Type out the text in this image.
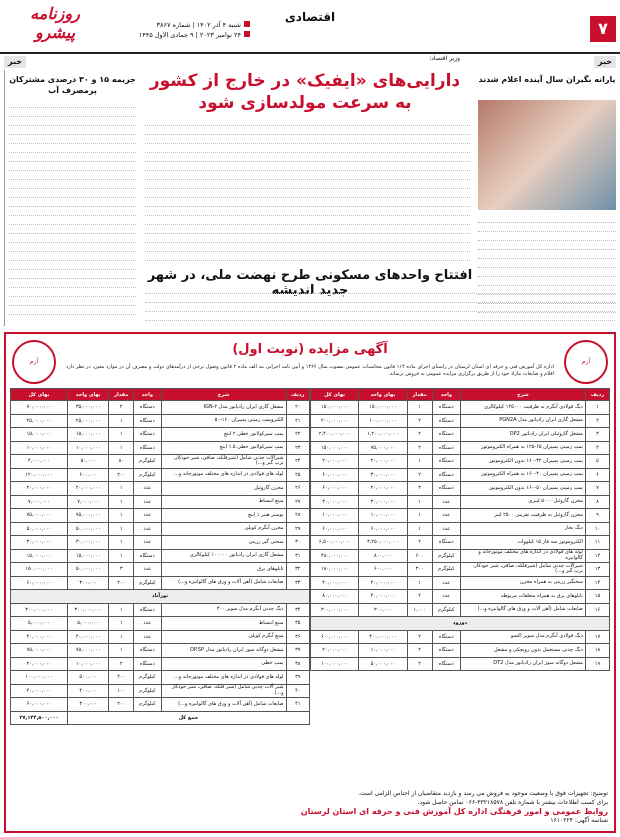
۷
اقتصادی
روزنامه پیشرو	شنبه ۴ آذر ۱۴۰۲ | شماره ۳۸۶۷
۲۴ نوامبر ۲۰۲۳ | ۹ جمادی الاول ۱۴۴۵
خبر
خبر
یارانه بگیران سال آینده اعلام شدند
وزیر اقتصاد:
دارایی‌های «ایفیک» در خارج از کشور
به سرعت مولدسازی شود
جریمه ۱۵ و ۳۰ درصدی مشترکان پرمصرف آب
افتتاح واحدهای مسکونی طرح نهضت ملی، در شهر جدید اندیشه
آرم
آرم
آگهی مزایده (نوبت اول)
اداره کل آموزش فنی و حرفه ای استان لرستان در راستای اجرای ماده ۱۱۴ قانون محاسبات عمومی مصوب سال ۱۳۶۶ و آیین نامه اجرایی بند الف ماده ۲ قانون وصول برخی از درآمدهای دولت و مصرف آن در موارد معین، در نظر دارد اقلام و ضایعات مازاد خود را از طریق برگزاری مزایده عمومی به فروش برساند.
ردیف	شرح	واحد	مقدار	بهای واحد	بهای کل
۱	دیگ فولادی آبگرم به ظرفیت ۱۲۵۰۰۰ کیلوکالری	دستگاه	۱	۱۵۰,۰۰۰,۰۰۰	۱۵۰,۰۰۰,۰۰۰
۲	مشعل گازی ایران رادیاتور مدل PGN2A	دستگاه	۲	۱۰۰,۰۰۰,۰۰۰	۲۰۰,۰۰۰,۰۰۰
۳	مشعل گازوئیلی ایران رادیاتور DP2	دستگاه	۲	۱,۲۰۰,۰۰۰,۰۰۰	۲,۴۰۰,۰۰۰,۰۰۰
۴	پمپ زمینی پمپیران ۶۵-۱۲۵ به همراه الکتروموتور	دستگاه	۲	۷۵,۰۰۰,۰۰۰	۱۵۰,۰۰۰,۰۰۰
۵	پمپ زمینی پمپیران ۳۲-۱۶۰ بدون الکتروموتور	دستگاه	۱	۲۰,۰۰۰,۰۰۰	۲۰,۰۰۰,۰۰۰
۶	پمپ زمینی پمپیران ۴۰-۱۶۰ به همراه الکتروموتور	دستگاه	۲	۳۰,۰۰۰,۰۰۰	۶۰,۰۰۰,۰۰۰
۷	پمپ زمینی پمپیران ۵۰-۱۶۰ بدون الکتروموتور	دستگاه	۳	۲۰,۰۰۰,۰۰۰	۶۰,۰۰۰,۰۰۰
۸	مخزن گازوئیل ۵۰۰۰ لیتری	عدد	۱	۳۰,۰۰۰,۰۰۰	۳۰,۰۰۰,۰۰۰
۹	مخزن گازوئیل به ظرفیت تقریبی ۲۵۰۰ لیتر	عدد	۱	۱۰,۰۰۰,۰۰۰	۱۰,۰۰۰,۰۰۰
۱۰	دیگ بخار	عدد	۱	۶۰,۰۰۰,۰۰۰	۶۰,۰۰۰,۰۰۰
۱۱	الکتروموتور سه فاز ۱۵ کیلووات	دستگاه	۲	۳,۲۵۰,۰۰۰,۰۰۰	۶,۵۰۰,۰۰۰,۰۰۰
۱۲	لوله های فولادی در اندازه های مختلف موتورخانه و گالوانیزه	کیلوگرم	۶۰۰	۸۰۰,۰۰۰	۴۸۰,۰۰۰,۰۰۰
۱۳	شیرآلات چدنی شامل (شیرفلکه، صافی، شیر خودکار، ترپ گیر و...)	کیلوگرم	۳۰۰	۶۰۰,۰۰۰	۱۸۰,۰۰۰,۰۰۰
۱۴	سختگیر رزینی به همراه مخزن	عدد	۱	۴۰,۰۰۰,۰۰۰	۴۰,۰۰۰,۰۰۰
۱۵	تابلوهای برق به همراه متعلقات مربوطه	عدد	۲	۴۰,۰۰۰,۰۰۰	۸۰,۰۰۰,۰۰۰
۱۶	ضایعات شامل (آهن آلات و ورق های گالوانیزه و...)	کیلوگرم	۱,۰۰۰	۳۰۰,۰۰۰	۳۰۰,۰۰۰,۰۰۰
دورود					
۱۷	دیگ فولادی آبگرم مدل سوپر اکسو	دستگاه	۲	۳۰۰,۰۰۰,۰۰۰	۶۰۰,۰۰۰,۰۰۰
۱۸	دیگ چدنی مستعمل بدون رویچکی و مشعل	دستگاه	۲	۱۰,۰۰۰,۰۰۰	۲۰,۰۰۰,۰۰۰
۱۹	مشعل دوگانه سوز ایران رادیاتور مدل DT2	دستگاه	۲	۵۰,۰۰۰,۰۰۰	۱۰۰,۰۰۰,۰۰۰
ردیف	شرح	واحد	مقدار	بهای واحد	بهای کل
۲۰	مشعل گازی ایران رادیاتور مدل IGN-۲	دستگاه	۲	۳۵,۰۰۰,۰۰۰	۷۰,۰۰۰,۰۰۰
۲۱	الکتروپمپ زمینی پمپیران ۱۶۰-۵۰	دستگاه	۱	۲۵,۰۰۰,۰۰۰	۲۵,۰۰۰,۰۰۰
۲۲	پمپ سیرکولاتور خطی ۲ اینچ	دستگاه	۱	۱۵,۰۰۰,۰۰۰	۱۵,۰۰۰,۰۰۰
۲۳	پمپ سیرکولاتور خطی ۱.۵ اینچ	دستگاه	۱	۱۰,۰۰۰,۰۰۰	۱۰,۰۰۰,۰۰۰
۲۴	شیرآلات چدنی شامل (شیرفلکه، صافی، شیر خودکار، ترپ گیر و...)	کیلوگرم	۸۰	۵۰,۰۰۰	۴,۰۰۰,۰۰۰
۲۵	لوله های فولادی در اندازه های مختلف موتورخانه و...	کیلوگرم	۲۰۰	۶۰۰,۰۰۰	۱۲۰,۰۰۰,۰۰۰
۲۶	مخزن گازوئیل	عدد	۱	۲۰,۰۰۰,۰۰۰	۲۰,۰۰۰,۰۰۰
۲۷	منبع انبساط	عدد	۱	۷,۰۰۰,۰۰۰	۷,۰۰۰,۰۰۰
۲۸	بوستر هیتر ۱ اینچ	عدد	۱	۷۵,۰۰۰,۰۰۰	۷۵,۰۰۰,۰۰۰
۲۹	مخزن آبگرم کویلی	عدد	۱	۵۰,۰۰۰,۰۰۰	۵۰,۰۰۰,۰۰۰
۳۰	سختی گیر رزینی	عدد	۱	۳۰,۰۰۰,۰۰۰	۳۰,۰۰۰,۰۰۰
۳۱	مشعل گازی ایران رادیاتور ۱۰۰۰۰۰ کیلوکالری	دستگاه	۱	۱۵,۰۰۰,۰۰۰	۱۵,۰۰۰,۰۰۰
۳۲	تابلوهای برق	عدد	۳	۵۰,۰۰۰,۰۰۰	۱۵۰,۰۰۰,۰۰۰
۳۳	ضایعات شامل (آهن آلات و ورق های گالوانیزه و...)	کیلوگرم	۲۰۰	۳۰۰,۰۰۰	۶۰,۰۰۰,۰۰۰
نورآباد					
۳۴	دیگ چدنی آبگرم مدل سوپر ۴۰۰	دستگاه	۱	۳۰۰,۰۰۰,۰۰۰	۳۰۰,۰۰۰,۰۰۰
۳۵	منبع انبساط	عدد	۱	۵,۰۰۰,۰۰۰	۵,۰۰۰,۰۰۰
۳۶	منبع آبگرم کویلی	عدد	۱	۴۰,۰۰۰,۰۰۰	۴۰,۰۰۰,۰۰۰
۳۷	مشعل دوگانه سوز ایران رادیاتور مدل DP.SP	دستگاه	۱	۷۵,۰۰۰,۰۰۰	۷۵,۰۰۰,۰۰۰
۳۸	پمپ خطی	دستگاه	۲	۱۰,۰۰۰,۰۰۰	۲۰,۰۰۰,۰۰۰
۳۹	لوله های فولادی در اندازه های مختلف موتورخانه و...	کیلوگرم	۲۰۰	۵۰۰,۰۰۰	۱۰۰,۰۰۰,۰۰۰
۴۰	شیر آلات چدنی شامل (شیر فلکه، صافی، شیر خودکار و...)	کیلوگرم	۱۰۰	۴۰۰,۰۰۰	۴۰,۰۰۰,۰۰۰
۴۱	ضایعات شامل (آهن آلات و ورق های گالوانیزه و...)	کیلوگرم	۲۰۰	۳۰۰,۰۰۰	۶۰,۰۰۰,۰۰۰
جمع کل					۲۷,۱۴۴,۵۰۰,۰۰۰
توضیح: تجهیزات فوق با وضعیت موجود به فروش می رسد و بازدید متقاضیان از اجناس الزامی است.
برای کسب اطلاعات بیشتر با شماره تلفن ۳۳۲۱۸۵۷۸-۰۶۶ تماس حاصل شود.
روابط عمومی و امور فرهنگی اداره کل آموزش فنی و حرفه ای استان لرستان
شناسه آگهی: ۱۶۱۰۲۲۴
